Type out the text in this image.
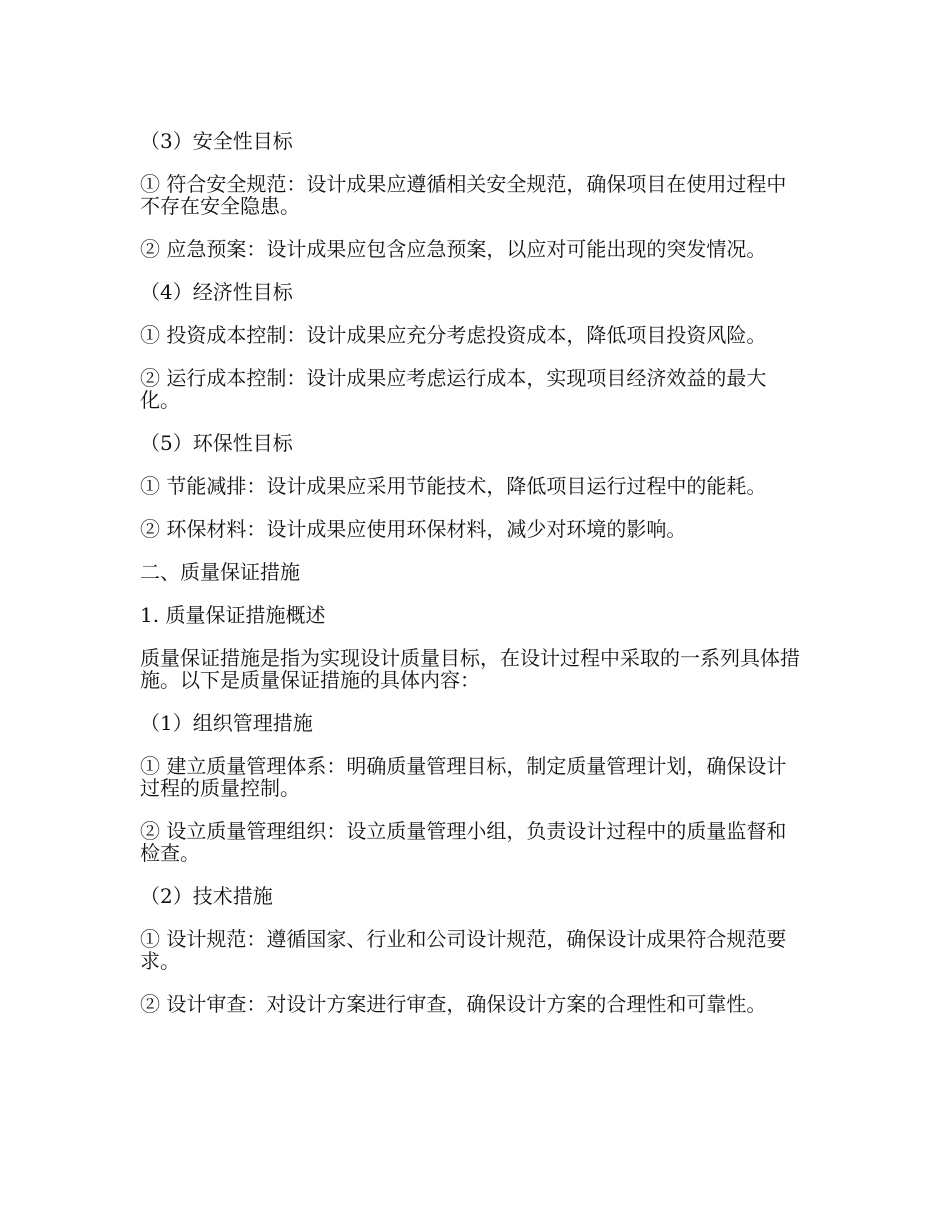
（3）安全性目标

① 符合安全规范：设计成果应遵循相关安全规范，确保项目在使用过程中不存在安全隐患。

② 应急预案：设计成果应包含应急预案，以应对可能出现的突发情况。

（4）经济性目标

① 投资成本控制：设计成果应充分考虑投资成本，降低项目投资风险。

② 运行成本控制：设计成果应考虑运行成本，实现项目经济效益的最大化。

（5）环保性目标

① 节能减排：设计成果应采用节能技术，降低项目运行过程中的能耗。

② 环保材料：设计成果应使用环保材料，减少对环境的影响。

二、质量保证措施

1. 质量保证措施概述

质量保证措施是指为实现设计质量目标，在设计过程中采取的一系列具体措施。以下是质量保证措施的具体内容：

（1）组织管理措施

① 建立质量管理体系：明确质量管理目标，制定质量管理计划，确保设计过程的质量控制。

② 设立质量管理组织：设立质量管理小组，负责设计过程中的质量监督和检查。

（2）技术措施

① 设计规范：遵循国家、行业和公司设计规范，确保设计成果符合规范要求。

② 设计审查：对设计方案进行审查，确保设计方案的合理性和可靠性。
